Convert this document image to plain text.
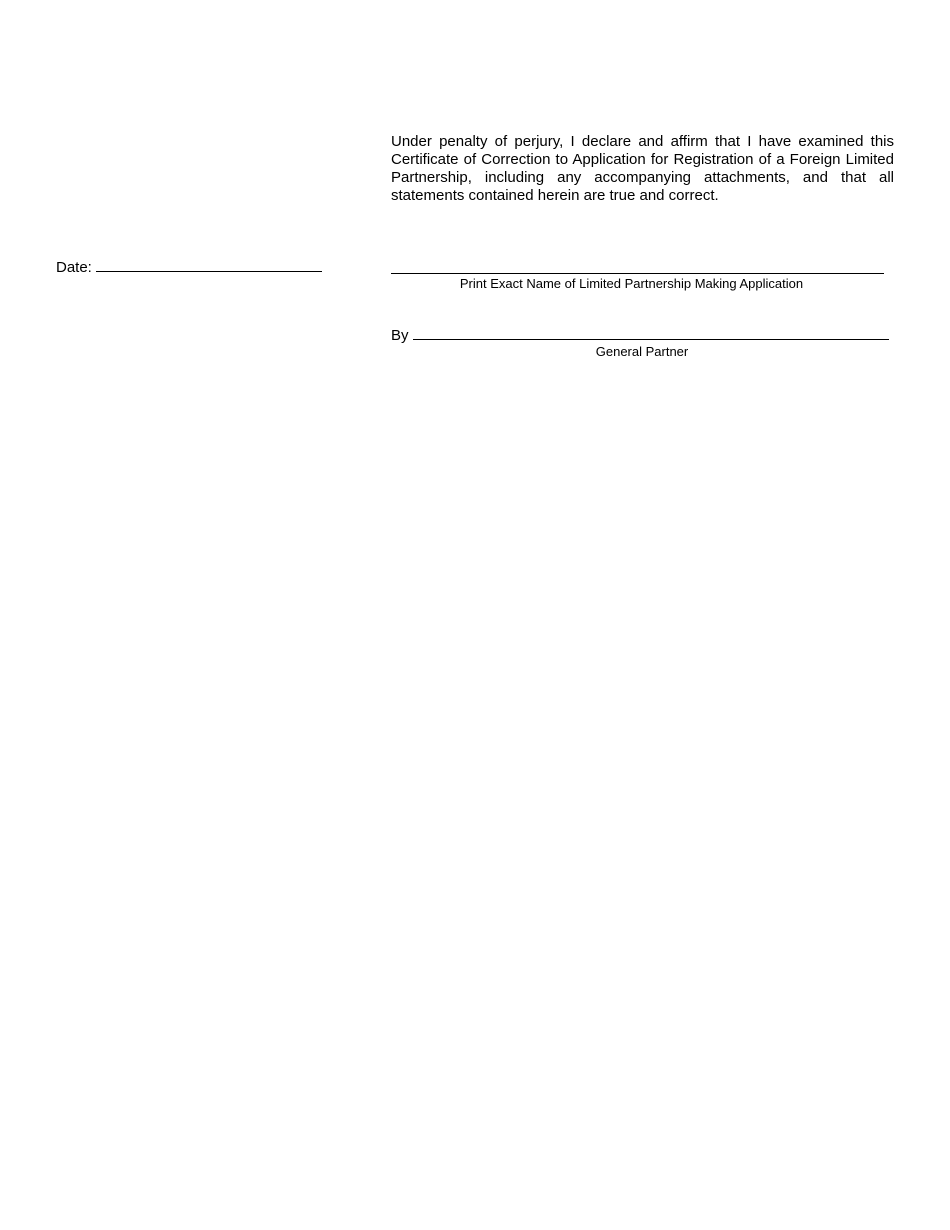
Under penalty of perjury, I declare and affirm that I have examined this Certificate of Correction to Application for Registration of a Foreign Limited Partnership, including any accompanying attachments, and that all statements contained herein are true and correct.

Date:
Print Exact Name of Limited Partnership Making Application
By
General Partner
